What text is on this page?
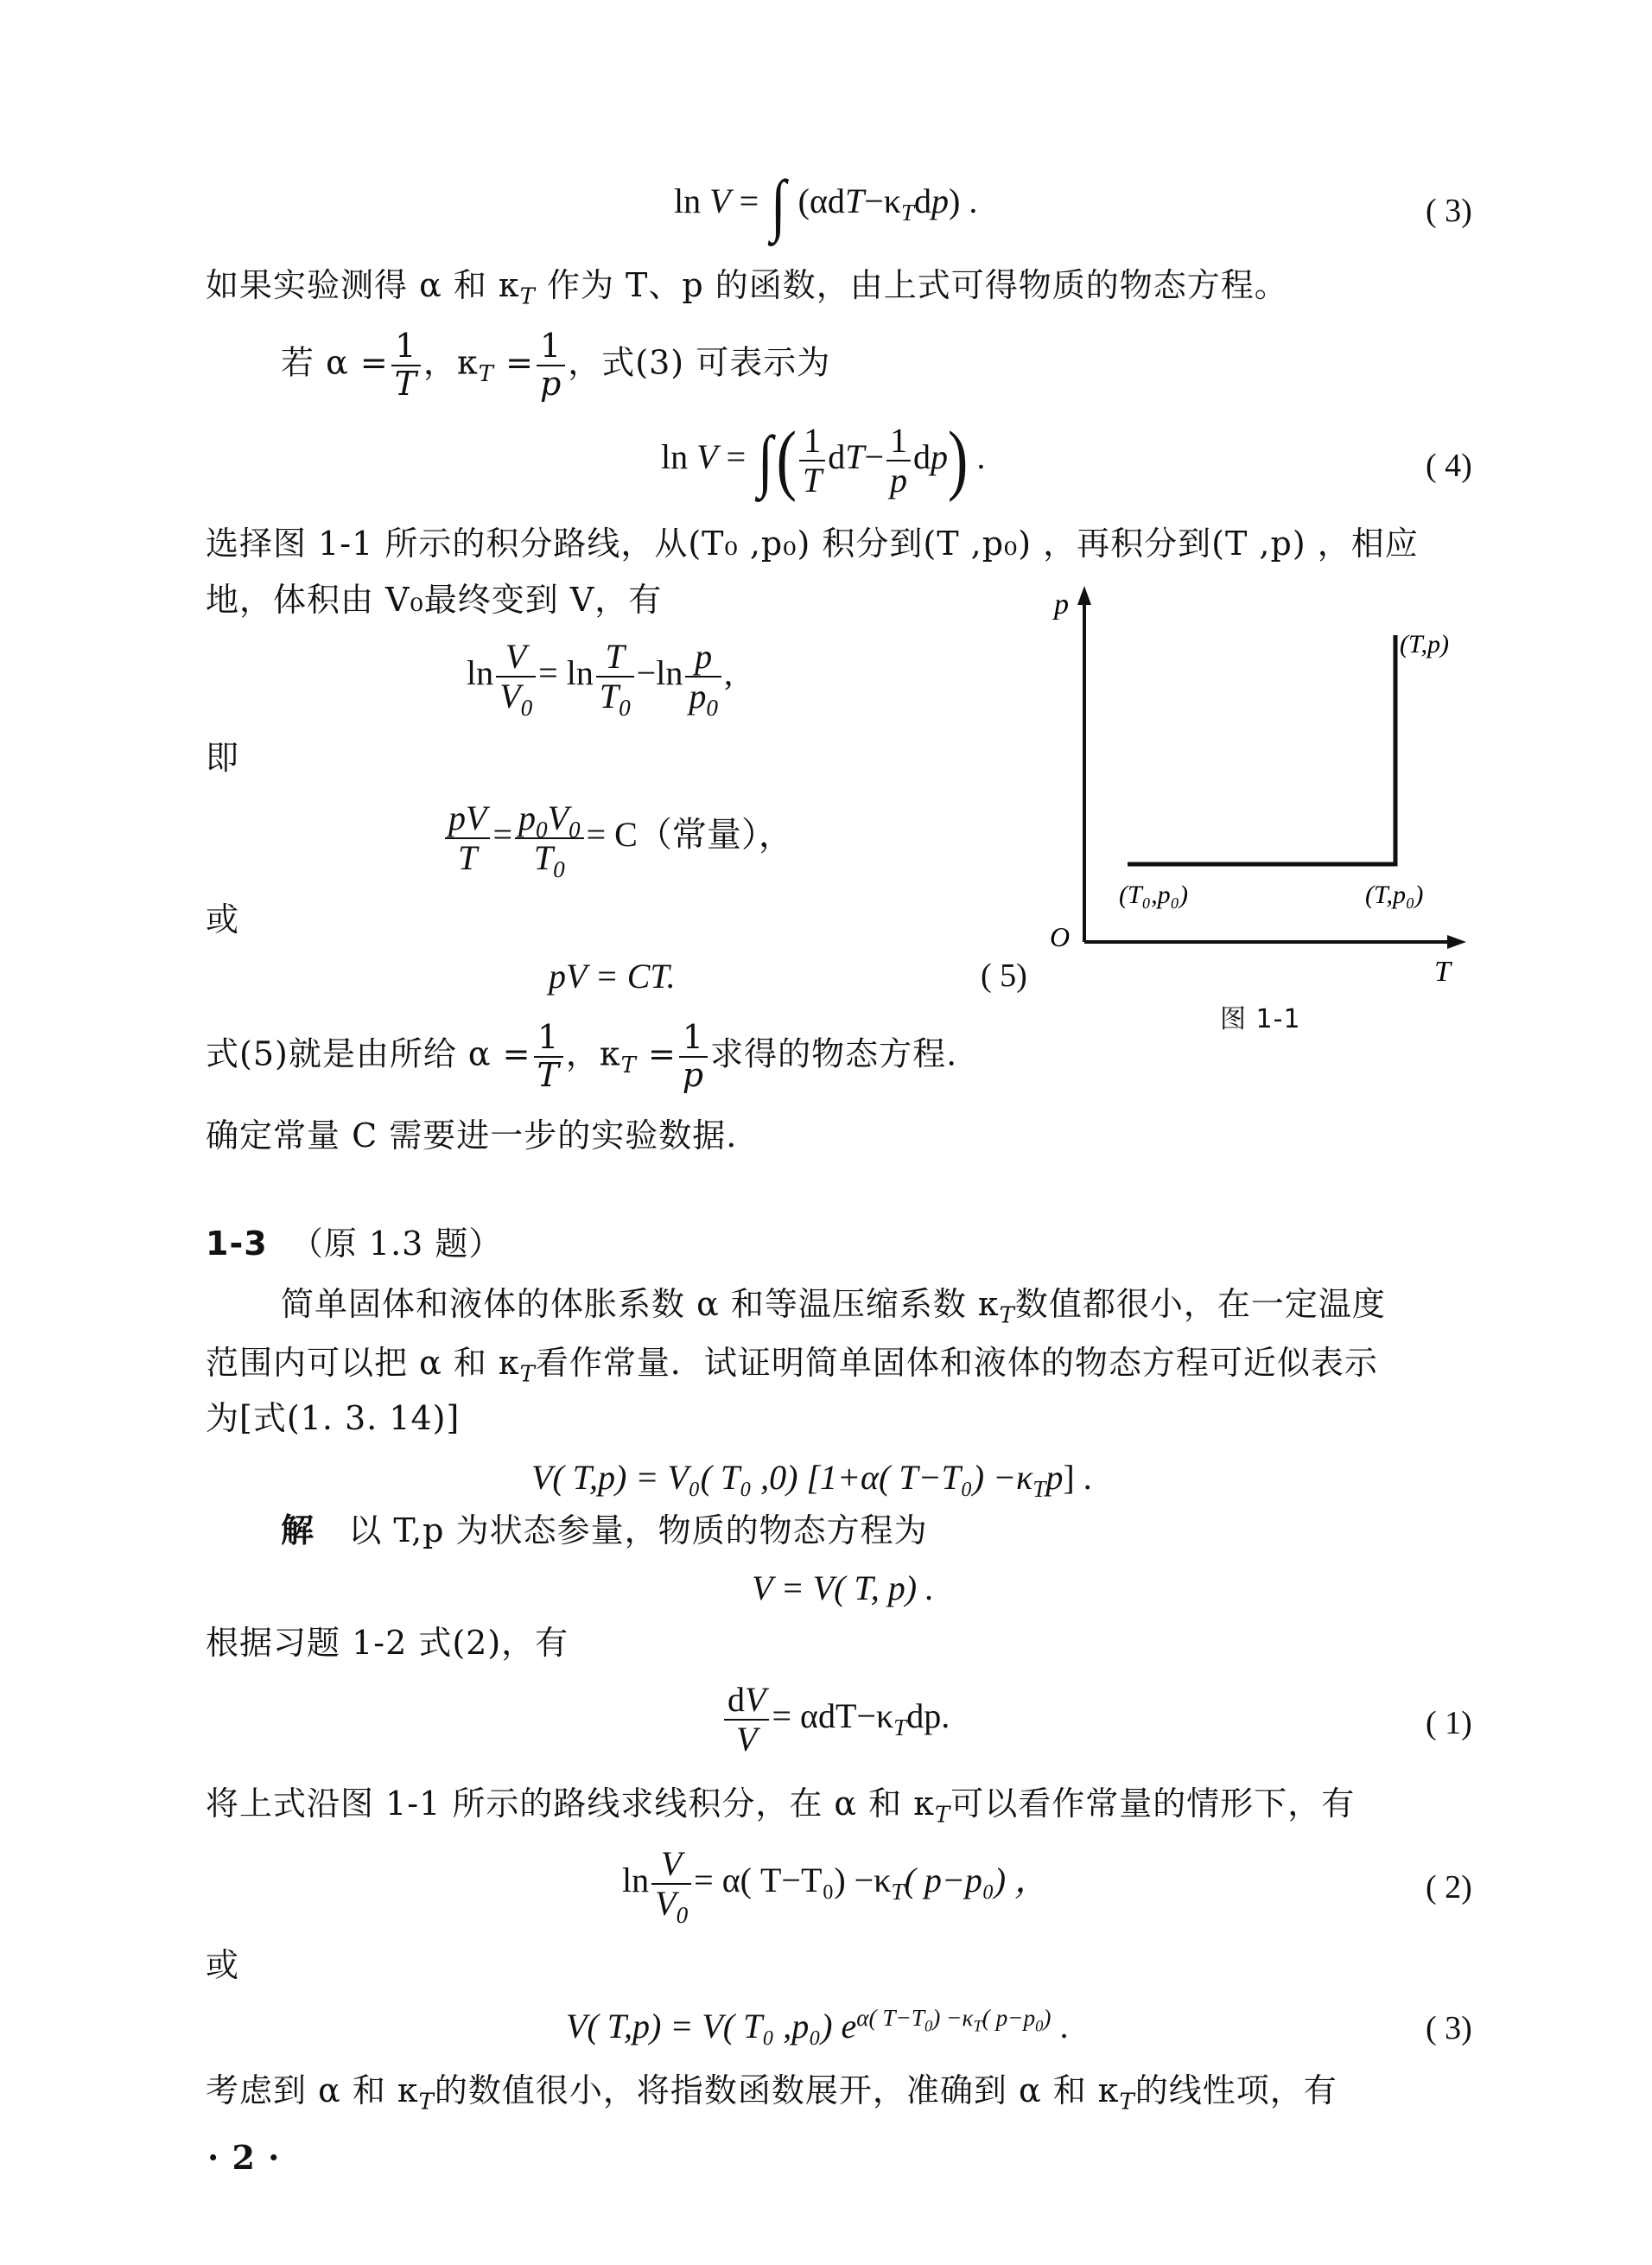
ln V = ∫ $(\alpha dT-\kappa_Tdp)$ .	( 3)
如果实验测得 α 和 $\kappa_T$ 作为 T、p 的函数，由上式可得物质的物态方程。
若 $\alpha = \frac{1}{T}$ ，$\kappa_T = \frac{1}{p}$ ，式(3) 可表示为
ln V = ∫( $\frac{1}{T} dT- \frac{1}{p} dp$) .	( 4)
选择图 1-1 所示的积分路线，从(T₀ ,p₀) 积分到(T ,p₀) ，再积分到(T ,p) ，相应
地，体积由 V₀最终变到 V，有
$\ln \frac{V}{V_0} = \ln \frac{T}{T_0} -\ln \frac{p}{p_0}$ ,
即
$\frac{pV}{T} = \frac{p_0V_0}{T_0} = C$（常量），
或
pV = CT.	( 5)
式(5)就是由所给 $\alpha = \frac{1}{T}$ ，$\kappa_T = \frac{1}{p}$ 求得的物态方程.
确定常量 C 需要进一步的实验数据.
p
T
O
(T₀,p₀)	(T,p₀)
(T,p)
图 1-1
1-3 （原 1.3 题）
简单固体和液体的体胀系数 α 和等温压缩系数 $\kappa_T$数值都很小，在一定温度
范围内可以把 α 和 $\kappa_T$看作常量．试证明简单固体和液体的物态方程可近似表示
为[式(1. 3. 14)]
V( T,p) = V₀( T₀ ,0) [1+α( $T-T_0) -\kappa_Tp$] .
解 以 T,p 为状态参量，物质的物态方程为
V = V( T, p) .
根据习题 1-2 式(2)，有
$\frac{dV}{V} = \alpha dT-\kappa_Tdp$.	( 1)
将上式沿图 1-1 所示的路线求线积分，在 α 和 $\kappa_T$可以看作常量的情形下，有
$\ln \frac{V}{V_0} = \alpha$( $T-T_0) -\kappa_T$( p−p₀) ，	( 2)
或
V( T,p) = V( T₀ ,p₀) $e^{\alpha( T-T_0) -\kappa_T( p-p_0)}$ .	( 3)
考虑到 α 和 $\kappa_T$的数值很小，将指数函数展开，准确到 α 和 $\kappa_T$的线性项，有
· 2 ·
